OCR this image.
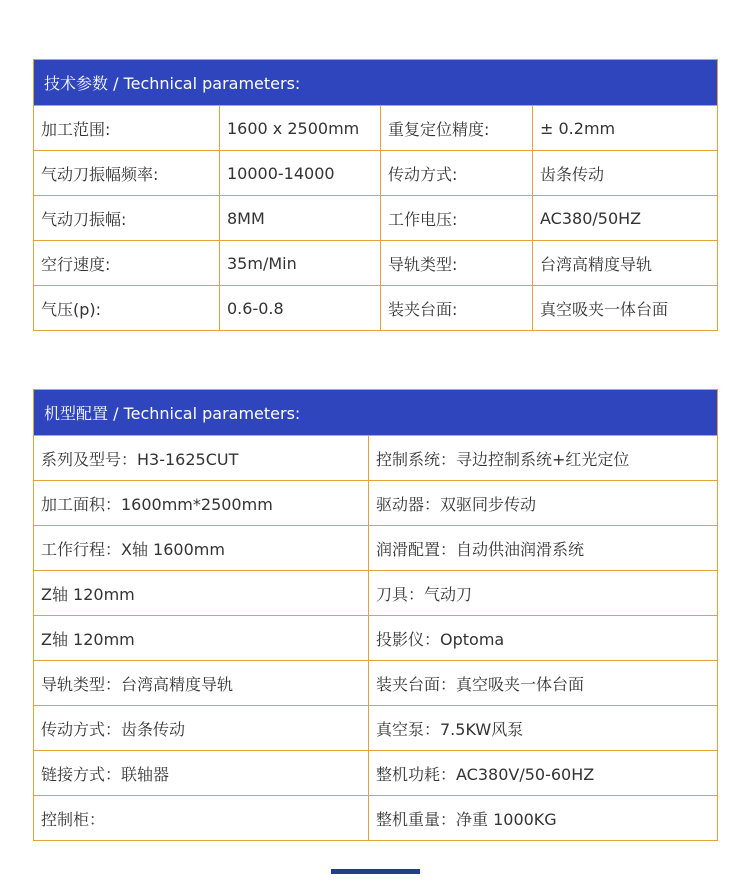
技术参数 / Technical parameters:			
加工范围:	1600 x 2500mm	重复定位精度:	± 0.2mm
气动刀振幅频率:	10000-14000	传动方式:	齿条传动
气动刀振幅:	8MM	工作电压:	AC380/50HZ
空行速度:	35m/Min	导轨类型:	台湾高精度导轨
气压(p):	0.6-0.8	装夹台面:	真空吸夹一体台面
机型配置 / Technical parameters:	
系列及型号：H3-1625CUT	控制系统：寻边控制系统+红光定位
加工面积：1600mm*2500mm	驱动器：双驱同步传动
工作行程：X轴 1600mm	润滑配置：自动供油润滑系统
Z轴 120mm	刀具：气动刀
Z轴 120mm	投影仪：Optoma
导轨类型：台湾高精度导轨	装夹台面：真空吸夹一体台面
传动方式：齿条传动	真空泵：7.5KW风泵
链接方式：联轴器	整机功耗：AC380V/50-60HZ
控制柜：	整机重量：净重 1000KG
